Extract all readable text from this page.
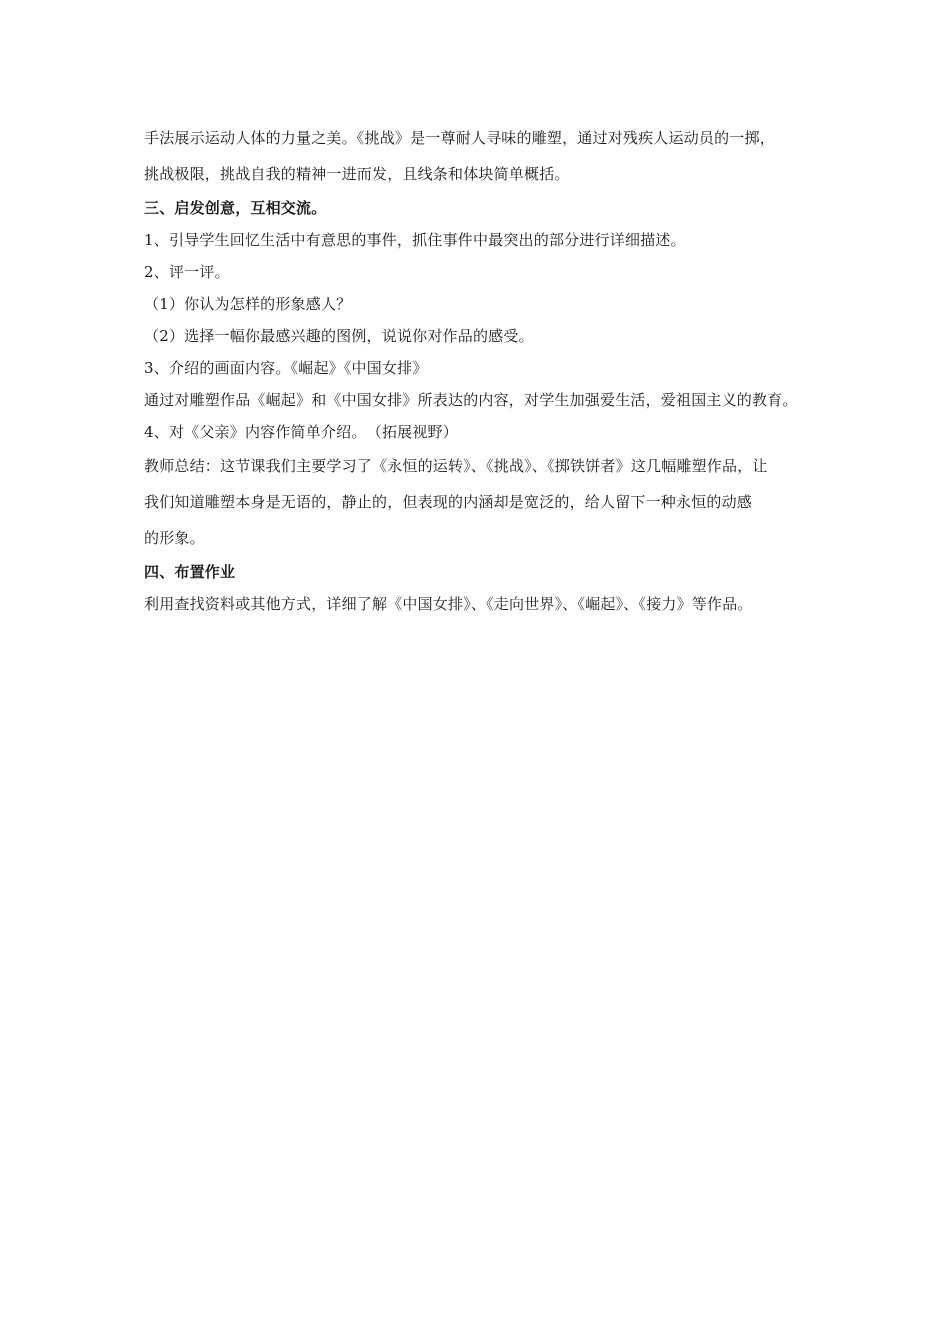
手法展示运动人体的力量之美。《挑战》是一尊耐人寻味的雕塑，通过对残疾人运动员的一掷，

挑战极限，挑战自我的精神一进而发，且线条和体块简单概括。

三、启发创意，互相交流。

1、引导学生回忆生活中有意思的事件，抓住事件中最突出的部分进行详细描述。

2、评一评。

（1）你认为怎样的形象感人？

（2）选择一幅你最感兴趣的图例，说说你对作品的感受。

3、介绍的画面内容。《崛起》《中国女排》

通过对雕塑作品《崛起》和《中国女排》所表达的内容，对学生加强爱生活，爱祖国主义的教育。

4、对《父亲》内容作简单介绍。　（拓展视野）

教师总结：这节课我们主要学习了《永恒的运转》、《挑战》、《掷铁饼者》这几幅雕塑作品，让

我们知道雕塑本身是无语的，静止的，但表现的内涵却是宽泛的，给人留下一种永恒的动感

的形象。

四、布置作业

利用查找资料或其他方式，详细了解《中国女排》、《走向世界》、《崛起》、《接力》等作品。
